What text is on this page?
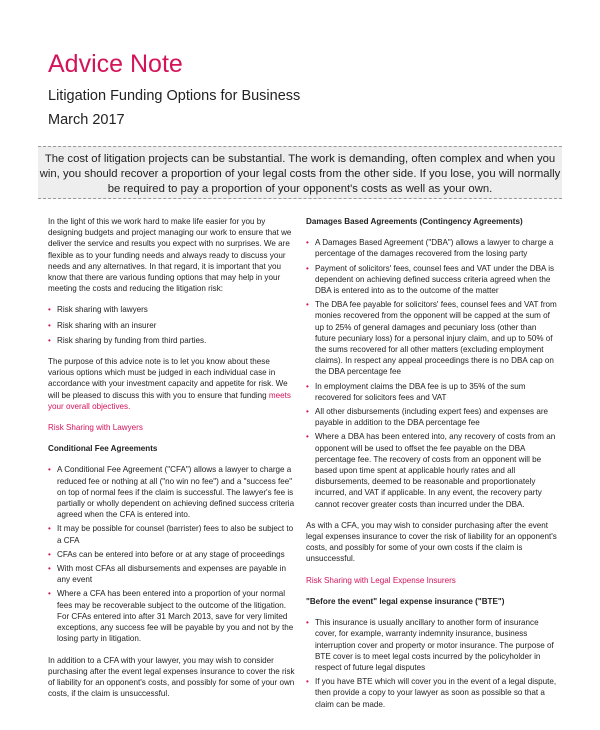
Advice Note
Litigation Funding Options for Business
March 2017

The cost of litigation projects can be substantial. The work is demanding, often complex and when you win, you should recover a proportion of your legal costs from the other side. If you lose, you will normally be required to pay a proportion of your opponent's costs as well as your own.

In the light of this we work hard to make life easier for you by designing budgets and project managing our work to ensure that we deliver the service and results you expect with no surprises. We are flexible as to your funding needs and always ready to discuss your needs and any alternatives. In that regard, it is important that you know that there are various funding options that may help in your meeting the costs and reducing the litigation risk:

• Risk sharing with lawyers
• Risk sharing with an insurer
• Risk sharing by funding from third parties.

The purpose of this advice note is to let you know about these various options which must be judged in each individual case in accordance with your investment capacity and appetite for risk. We will be pleased to discuss this with you to ensure that funding meets your overall objectives.

Risk Sharing with Lawyers

Conditional Fee Agreements

• A Conditional Fee Agreement ("CFA") allows a lawyer to charge a reduced fee or nothing at all ("no win no fee") and a "success fee" on top of normal fees if the claim is successful. The lawyer's fee is partially or wholly dependent on achieving defined success criteria agreed when the CFA is entered into.
• It may be possible for counsel (barrister) fees to also be subject to a CFA
• CFAs can be entered into before or at any stage of proceedings
• With most CFAs all disbursements and expenses are payable in any event
• Where a CFA has been entered into a proportion of your normal fees may be recoverable subject to the outcome of the litigation. For CFAs entered into after 31 March 2013, save for very limited exceptions, any success fee will be payable by you and not by the losing party in litigation.

In addition to a CFA with your lawyer, you may wish to consider purchasing after the event legal expenses insurance to cover the risk of liability for an opponent's costs, and possibly for some of your own costs, if the claim is unsuccessful.

Damages Based Agreements (Contingency Agreements)

• A Damages Based Agreement ("DBA") allows a lawyer to charge a percentage of the damages recovered from the losing party
• Payment of solicitors' fees, counsel fees and VAT under the DBA is dependent on achieving defined success criteria agreed when the DBA is entered into as to the outcome of the matter
• The DBA fee payable for solicitors' fees, counsel fees and VAT from monies recovered from the opponent will be capped at the sum of up to 25% of general damages and pecuniary loss (other than future pecuniary loss) for a personal injury claim, and up to 50% of the sums recovered for all other matters (excluding employment claims). In respect any appeal proceedings there is no DBA cap on the DBA percentage fee
• In employment claims the DBA fee is up to 35% of the sum recovered for solicitors fees and VAT
• All other disbursements (including expert fees) and expenses are payable in addition to the DBA percentage fee
• Where a DBA has been entered into, any recovery of costs from an opponent will be used to offset the fee payable on the DBA percentage fee. The recovery of costs from an opponent will be based upon time spent at applicable hourly rates and all disbursements, deemed to be reasonable and proportionately incurred, and VAT if applicable. In any event, the recovery party cannot recover greater costs than incurred under the DBA.

As with a CFA, you may wish to consider purchasing after the event legal expenses insurance to cover the risk of liability for an opponent's costs, and possibly for some of your own costs if the claim is unsuccessful.

Risk Sharing with Legal Expense Insurers

"Before the event" legal expense insurance ("BTE")

• This insurance is usually ancillary to another form of insurance cover, for example, warranty indemnity insurance, business interruption cover and property or motor insurance. The purpose of BTE cover is to meet legal costs incurred by the policyholder in respect of future legal disputes
• If you have BTE which will cover you in the event of a legal dispute, then provide a copy to your lawyer as soon as possible so that a claim can be made.
